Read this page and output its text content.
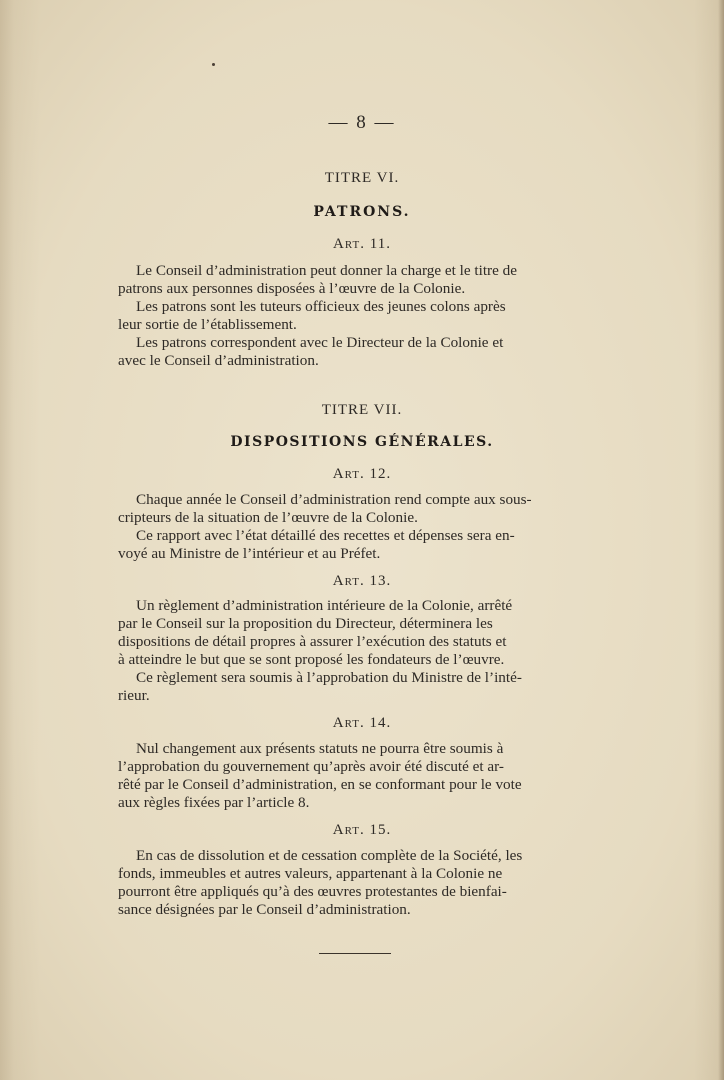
— 8 —
TITRE VI.
PATRONS.
Art. 11.
Le Conseil d’administration peut donner la charge et le titre de
patrons aux personnes disposées à l’œuvre de la Colonie.
Les patrons sont les tuteurs officieux des jeunes colons après
leur sortie de l’établissement.
Les patrons correspondent avec le Directeur de la Colonie et
avec le Conseil d’administration.
TITRE VII.
DISPOSITIONS GÉNÉRALES.
Art. 12.
Chaque année le Conseil d’administration rend compte aux sous-
cripteurs de la situation de l’œuvre de la Colonie.
Ce rapport avec l’état détaillé des recettes et dépenses sera en-
voyé au Ministre de l’intérieur et au Préfet.
Art. 13.
Un règlement d’administration intérieure de la Colonie, arrêté
par le Conseil sur la proposition du Directeur, déterminera les
dispositions de détail propres à assurer l’exécution des statuts et
à atteindre le but que se sont proposé les fondateurs de l’œuvre.
Ce règlement sera soumis à l’approbation du Ministre de l’inté-
rieur.
Art. 14.
Nul changement aux présents statuts ne pourra être soumis à
l’approbation du gouvernement qu’après avoir été discuté et ar-
rêté par le Conseil d’administration, en se conformant pour le vote
aux règles fixées par l’article 8.
Art. 15.
En cas de dissolution et de cessation complète de la Société, les
fonds, immeubles et autres valeurs, appartenant à la Colonie ne
pourront être appliqués qu’à des œuvres protestantes de bienfai-
sance désignées par le Conseil d’administration.
